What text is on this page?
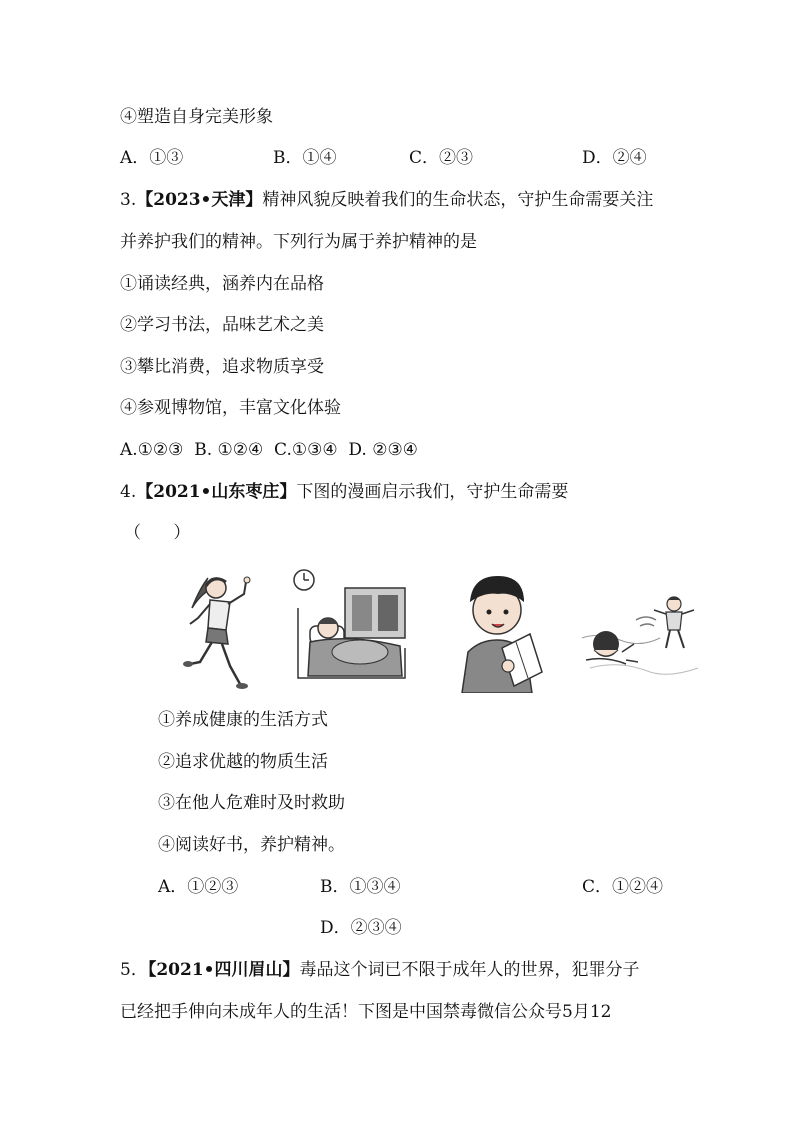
④塑造自身完美形象
A．①③	B．①④	C．②③	D．②④
3.【2023•天津】精神风貌反映着我们的生命状态，守护生命需要关注
并养护我们的精神。下列行为属于养护精神的是
①诵读经典，涵养内在品格
②学习书法，品味艺术之美
③攀比消费，追求物质享受
④参观博物馆，丰富文化体验
A.①②③  B. ①②④  C.①③④  D. ②③④
4.【2021•山东枣庄】下图的漫画启示我们，守护生命需要
（      ）
①养成健康的生活方式
②追求优越的物质生活
③在他人危难时及时救助
④阅读好书，养护精神。
A．①②③	B．①③④	C．①②④
D．②③④
5．【2021•四川眉山】毒品这个词已不限于成年人的世界，犯罪分子
已经把手伸向未成年人的生活！下图是中国禁毒微信公众号5月12
